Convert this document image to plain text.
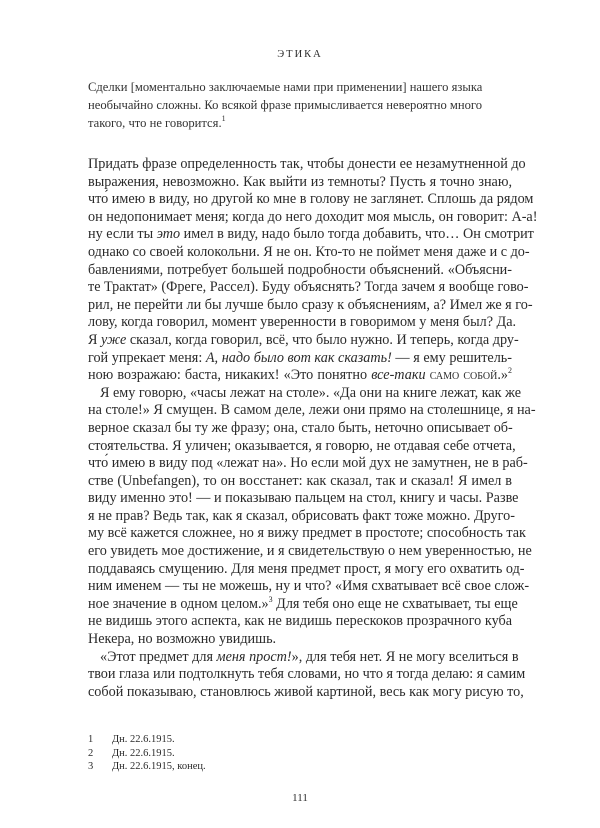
ЭТИКА
Сделки [моментально заключаемые нами при применении] нашего языка
необычайно сложны. Ко всякой фразе примысливается невероятно много
такого, что не говорится.$^1$
Придать фразе определенность так, чтобы донести ее незамутненной до
выражения, невозможно. Как выйти из темноты? Пусть я точно знаю,
что́ имею в виду, но другой ко мне в голову не заглянет. Сплошь да рядом
он недопонимает меня; когда до него доходит моя мысль, он говорит: А-а!
ну если ты это имел в виду, надо было тогда добавить, что… Он смотрит
однако со своей колокольни. Я не он. Кто-то не поймет меня даже и с до-
бавлениями, потребует большей подробности объяснений. «Объясни-
те Трактат» (Фреге, Рассел). Буду объяснять? Тогда зачем я вообще гово-
рил, не перейти ли бы лучше было сразу к объяснениям, а? Имел же я го-
лову, когда говорил, момент уверенности в говоримом у меня был? Да.
Я уже сказал, когда говорил, всё, что было нужно. И теперь, когда дру-
гой упрекает меня: А, надо было вот как сказать! — я ему решитель-
ною возражаю: баста, никаких! «Это понятно все-таки само собой.»$^2$
Я ему говорю, «часы лежат на столе». «Да они на книге лежат, как же
на столе!» Я смущен. В самом деле, лежи они прямо на столешнице, я на-
верное сказал бы ту же фразу; она, стало быть, неточно описывает об-
стоятельства. Я уличен; оказывается, я говорю, не отдавая себе отчета,
что́ имею в виду под «лежат на». Но если мой дух не замутнен, не в раб-
стве (Unbefangen), то он восстанет: как сказал, так и сказал! Я имел в
виду именно это! — и показываю пальцем на стол, книгу и часы. Разве
я не прав? Ведь так, как я сказал, обрисовать факт тоже можно. Друго-
му всё кажется сложнее, но я вижу предмет в простоте; способность так
его увидеть мое достижение, и я свидетельствую о нем уверенностью, не
поддаваясь смущению. Для меня предмет прост, я могу его охватить од-
ним именем — ты не можешь, ну и что? «Имя схватывает всё свое слож-
ное значение в одном целом.»$^3$ Для тебя оно еще не схватывает, ты еще
не видишь этого аспекта, как не видишь перескоков прозрачного куба
Некера, но возможно увидишь.
«Этот предмет для меня прост!», для тебя нет. Я не могу вселиться в
твои глаза или подтолкнуть тебя словами, но что я тогда делаю: я самим
собой показываю, становлюсь живой картиной, весь как могу рисую то,
1	Дн. 22.6.1915.
2	Дн. 22.6.1915.
3	Дн. 22.6.1915, конец.
111
